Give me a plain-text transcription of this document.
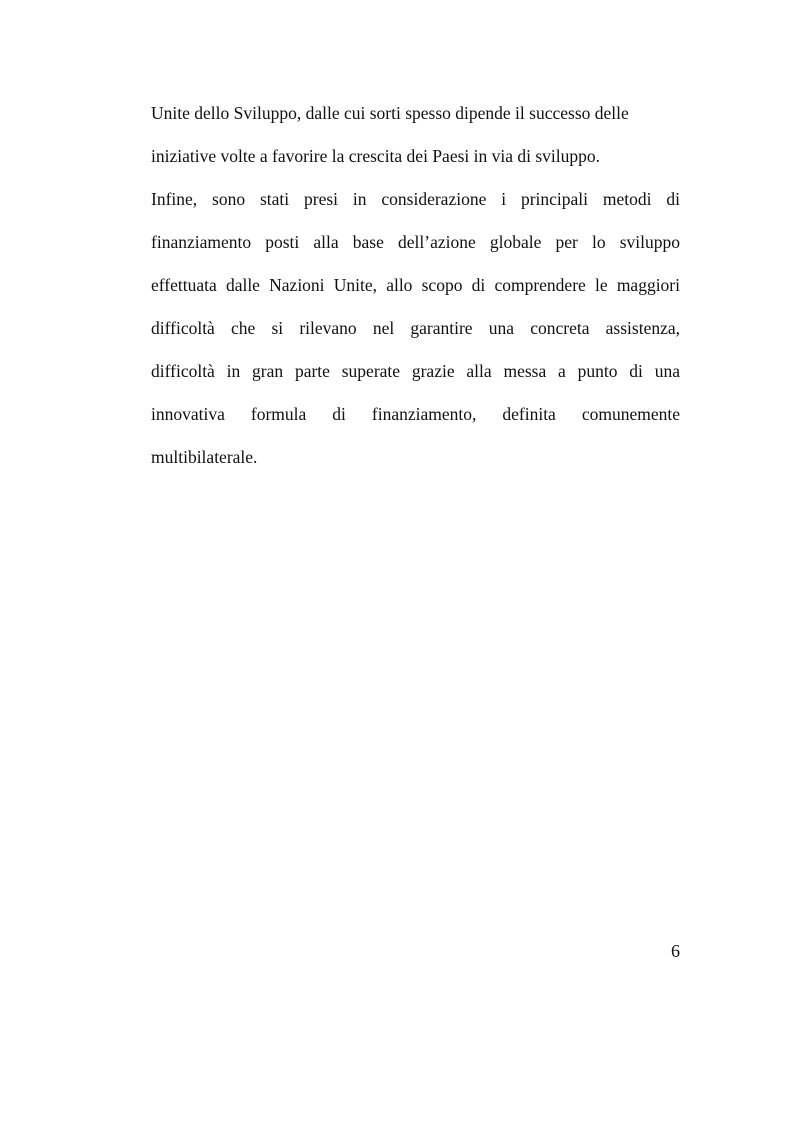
Unite dello Sviluppo, dalle cui sorti spesso dipende il successo delle
iniziative volte a favorire la crescita dei Paesi in via di sviluppo.
Infine, sono stati presi in considerazione i principali metodi di
finanziamento posti alla base dell’azione globale per lo sviluppo
effettuata dalle Nazioni Unite, allo scopo di comprendere le maggiori
difficoltà che si rilevano nel garantire una concreta assistenza,
difficoltà in gran parte superate grazie alla messa a punto di una
innovativa formula di finanziamento, definita comunemente
multibilaterale.
6
